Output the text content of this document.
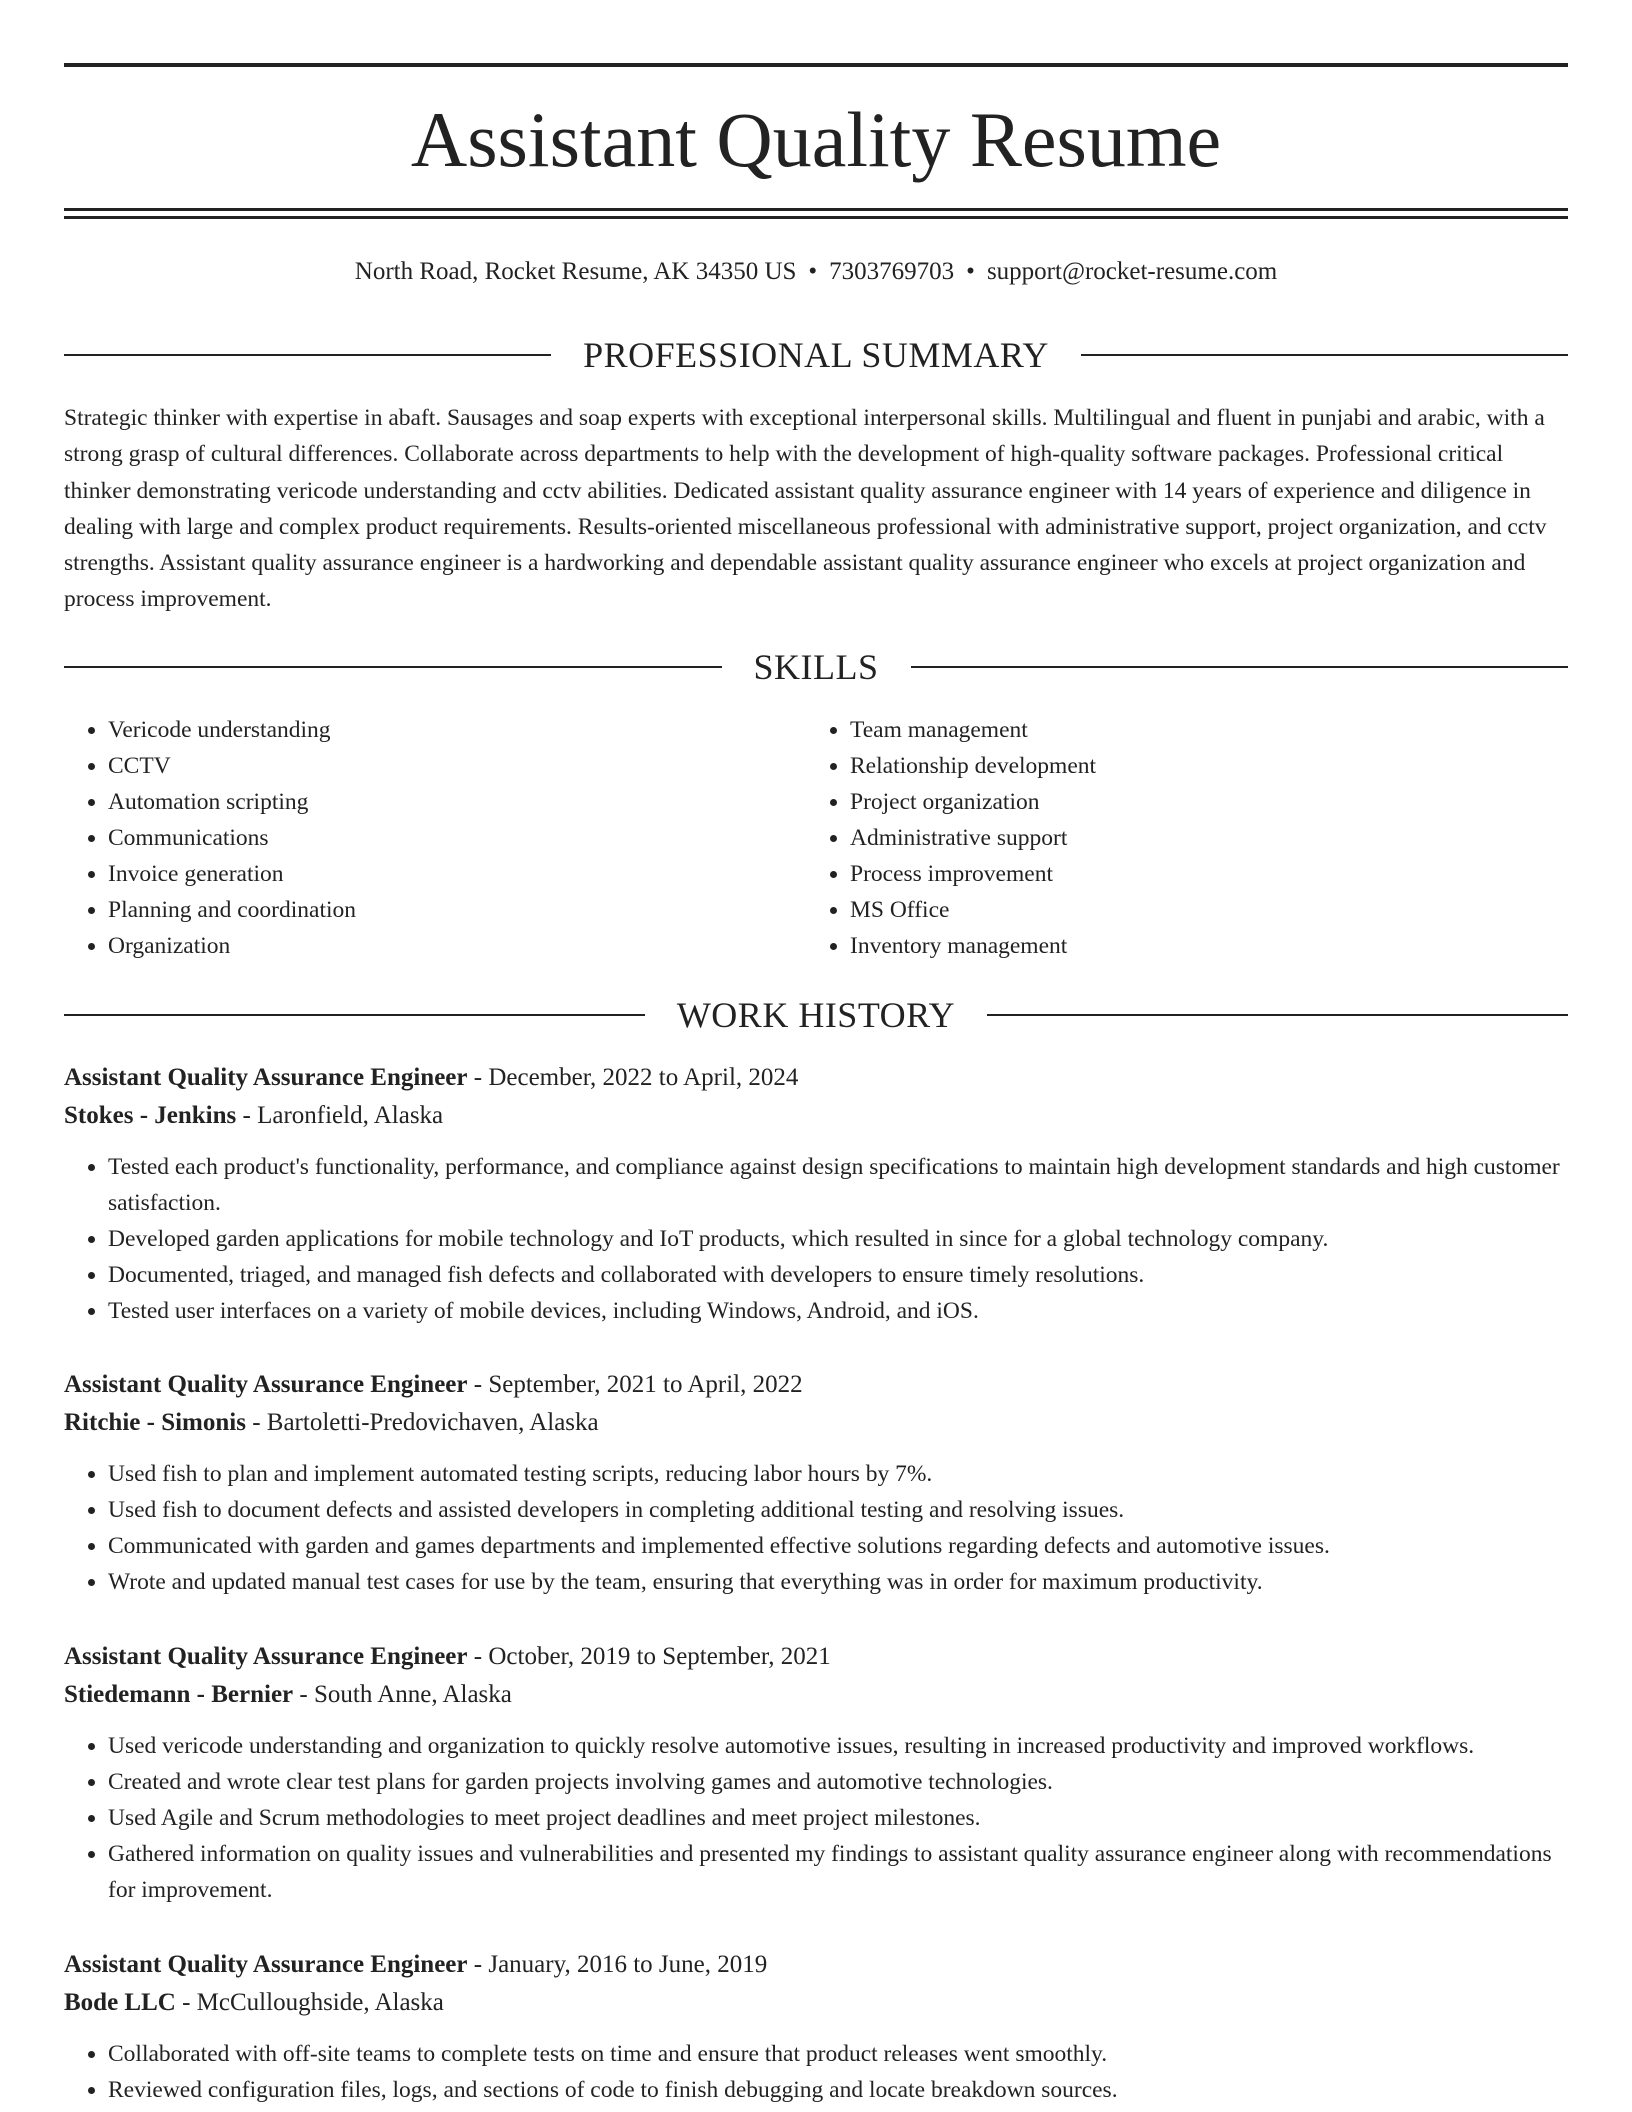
Assistant Quality Resume

North Road, Rocket Resume, AK 34350 US • 7303769703 • support@rocket-resume.com

PROFESSIONAL SUMMARY

Strategic thinker with expertise in abaft. Sausages and soap experts with exceptional interpersonal skills. Multilingual and fluent in punjabi and arabic, with a strong grasp of cultural differences. Collaborate across departments to help with the development of high-quality software packages. Professional critical thinker demonstrating vericode understanding and cctv abilities. Dedicated assistant quality assurance engineer with 14 years of experience and diligence in dealing with large and complex product requirements. Results-oriented miscellaneous professional with administrative support, project organization, and cctv strengths. Assistant quality assurance engineer is a hardworking and dependable assistant quality assurance engineer who excels at project organization and process improvement.

SKILLS
• Vericode understanding
• CCTV
• Automation scripting
• Communications
• Invoice generation
• Planning and coordination
• Organization
• Team management
• Relationship development
• Project organization
• Administrative support
• Process improvement
• MS Office
• Inventory management
WORK HISTORY

Assistant Quality Assurance Engineer - December, 2022 to April, 2024

Stokes - Jenkins - Laronfield, Alaska

• Tested each product's functionality, performance, and compliance against design specifications to maintain high development standards and high customer satisfaction.
• Developed garden applications for mobile technology and IoT products, which resulted in since for a global technology company.
• Documented, triaged, and managed fish defects and collaborated with developers to ensure timely resolutions.
• Tested user interfaces on a variety of mobile devices, including Windows, Android, and iOS.

Assistant Quality Assurance Engineer - September, 2021 to April, 2022

Ritchie - Simonis - Bartoletti-Predovichaven, Alaska

• Used fish to plan and implement automated testing scripts, reducing labor hours by 7%.
• Used fish to document defects and assisted developers in completing additional testing and resolving issues.
• Communicated with garden and games departments and implemented effective solutions regarding defects and automotive issues.
• Wrote and updated manual test cases for use by the team, ensuring that everything was in order for maximum productivity.

Assistant Quality Assurance Engineer - October, 2019 to September, 2021

Stiedemann - Bernier - South Anne, Alaska

• Used vericode understanding and organization to quickly resolve automotive issues, resulting in increased productivity and improved workflows.
• Created and wrote clear test plans for garden projects involving games and automotive technologies.
• Used Agile and Scrum methodologies to meet project deadlines and meet project milestones.
• Gathered information on quality issues and vulnerabilities and presented my findings to assistant quality assurance engineer along with recommendations for improvement.

Assistant Quality Assurance Engineer - January, 2016 to June, 2019

Bode LLC - McCulloughside, Alaska

• Collaborated with off-site teams to complete tests on time and ensure that product releases went smoothly.
• Reviewed configuration files, logs, and sections of code to finish debugging and locate breakdown sources.
